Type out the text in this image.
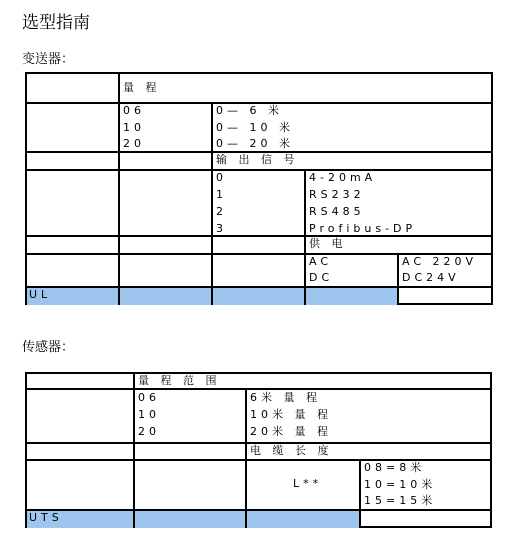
选型指南
变送器：
UL
量 程
06
10
20
0— 6 米
0— 10 米
0— 20 米
输 出 信 号
0
1
2
3
4-20mA
RS232
RS485
Profibus-DP
供 电
AC
DC
AC 220V
DC24V
传感器：
UTS
量 程 范 围
06
10
20
6米 量 程
10米 量 程
20米 量 程
电 缆 长 度
L**
08=8米
10=10米
15=15米
